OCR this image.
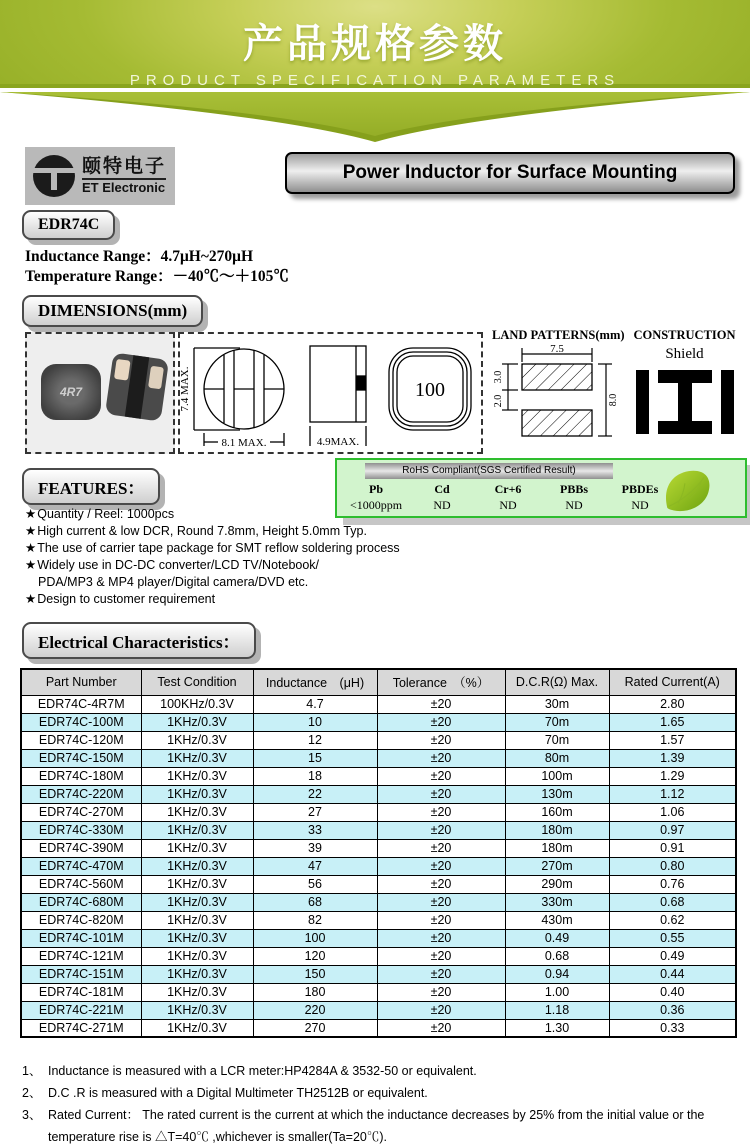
产品规格参数
PRODUCT SPECIFICATION PARAMETERS
颐特电子
ET Electronic
Power Inductor for Surface Mounting
EDR74C
Inductance Range：4.7μH~270μH
Temperature Range：－40℃～＋105℃
DIMENSIONS(mm)
4R7	7.4 MAX.
8.1 MAX.	4.9MAX.
100
LAND PATTERNS(mm)
7.5
3.0
2.0	8.0
CONSTRUCTION
Shield
RoHS Compliant(SGS Certified Result)
Pb	Cd	Cr+6	PBBs	PBDEs
<1000ppm	ND	ND	ND	ND
FEATURES：
★Quantity / Reel: 1000pcs
★High current & low DCR, Round 7.8mm, Height 5.0mm Typ.
★The use of carrier tape package for SMT reflow soldering process
★Widely use in DC-DC converter/LCD TV/Notebook/
PDA/MP3 & MP4 player/Digital camera/DVD etc.
★Design to customer requirement
Electrical Characteristics：
Part Number	Test Condition	Inductance　(μH)	Tolerance　（%）	D.C.R(Ω) Max.	Rated Current(A)
EDR74C-4R7M	100KHz/0.3V	4.7	±20	30m	2.80
EDR74C-100M	1KHz/0.3V	10	±20	70m	1.65
EDR74C-120M	1KHz/0.3V	12	±20	70m	1.57
EDR74C-150M	1KHz/0.3V	15	±20	80m	1.39
EDR74C-180M	1KHz/0.3V	18	±20	100m	1.29
EDR74C-220M	1KHz/0.3V	22	±20	130m	1.12
EDR74C-270M	1KHz/0.3V	27	±20	160m	1.06
EDR74C-330M	1KHz/0.3V	33	±20	180m	0.97
EDR74C-390M	1KHz/0.3V	39	±20	180m	0.91
EDR74C-470M	1KHz/0.3V	47	±20	270m	0.80
EDR74C-560M	1KHz/0.3V	56	±20	290m	0.76
EDR74C-680M	1KHz/0.3V	68	±20	330m	0.68
EDR74C-820M	1KHz/0.3V	82	±20	430m	0.62
EDR74C-101M	1KHz/0.3V	100	±20	0.49	0.55
EDR74C-121M	1KHz/0.3V	120	±20	0.68	0.49
EDR74C-151M	1KHz/0.3V	150	±20	0.94	0.44
EDR74C-181M	1KHz/0.3V	180	±20	1.00	0.40
EDR74C-221M	1KHz/0.3V	220	±20	1.18	0.36
EDR74C-271M	1KHz/0.3V	270	±20	1.30	0.33
1、 Inductance is measured with a LCR meter:HP4284A & 3532-50 or equivalent.
2、 D.C .R is measured with a Digital Multimeter TH2512B or equivalent.
3、 Rated Current： The rated current is the current at which the inductance decreases by 25% from the initial value or the temperature rise is △T=40℃ ,whichever is smaller(Ta=20℃).
